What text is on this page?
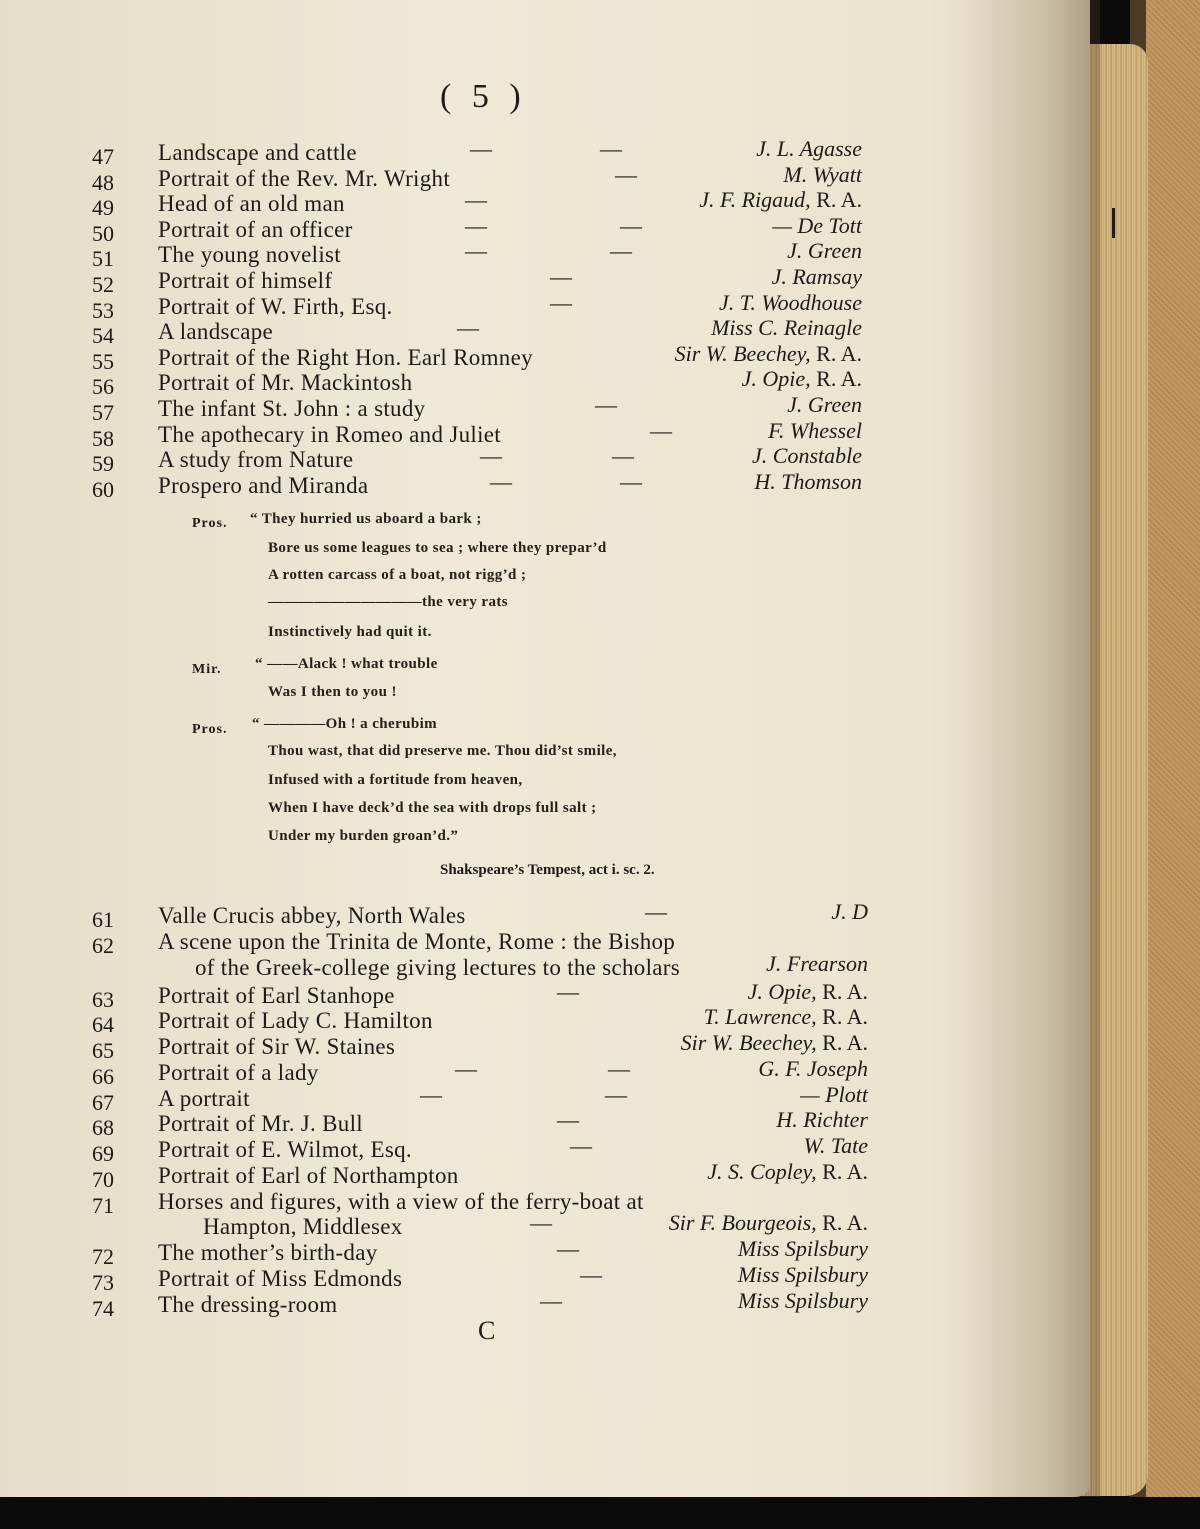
( 5 )
47	Landscape and cattle	—	—	J. L. Agasse
48	Portrait of the Rev. Mr. Wright	—	M. Wyatt
49	Head of an old man	—	J. F. Rigaud, R. A.
50	Portrait of an officer	—	—	— De Tott
51	The young novelist	—	—	J. Green
52	Portrait of himself	—	J. Ramsay
53	Portrait of W. Firth, Esq.	—	J. T. Woodhouse
54	A landscape	—	Miss C. Reinagle
55	Portrait of the Right Hon. Earl Romney	Sir W. Beechey, R. A.
56	Portrait of Mr. Mackintosh	J. Opie, R. A.
57	The infant St. John : a study	—	J. Green
58	The apothecary in Romeo and Juliet	—	F. Whessel
59	A study from Nature	—	—	J. Constable
60	Prospero and Miranda	—	—	H. Thomson
Pros. “ They hurried us aboard a bark ;
Bore us some leagues to sea ; where they prepar’d
A rotten carcass of a boat, not rigg’d ;
——————————the very rats
Instinctively had quit it.
Mir. “ ——Alack ! what trouble
Was I then to you !
Pros. “ ————Oh ! a cherubim
Thou wast, that did preserve me. Thou did’st smile,
Infused with a fortitude from heaven,
When I have deck’d the sea with drops full salt ;
Under my burden groan’d.”
Shakspeare’s Tempest, act i. sc. 2.
61	Valle Crucis abbey, North Wales	—	J. D
62	A scene upon the Trinita de Monte, Rome : the Bishop
of the Greek-college giving lectures to the scholars	J. Frearson
63	Portrait of Earl Stanhope	—	J. Opie, R. A.
64	Portrait of Lady C. Hamilton	T. Lawrence, R. A.
65	Portrait of Sir W. Staines	Sir W. Beechey, R. A.
66	Portrait of a lady	—	—	G. F. Joseph
67	A portrait	—	—	— Plott
68	Portrait of Mr. J. Bull	—	H. Richter
69	Portrait of E. Wilmot, Esq.	—	W. Tate
70	Portrait of Earl of Northampton	J. S. Copley, R. A.
71	Horses and figures, with a view of the ferry-boat at
Hampton, Middlesex	—	Sir F. Bourgeois, R. A.
72	The mother’s birth-day	—	Miss Spilsbury
73	Portrait of Miss Edmonds	—	Miss Spilsbury
74	The dressing-room	—	Miss Spilsbury
C
